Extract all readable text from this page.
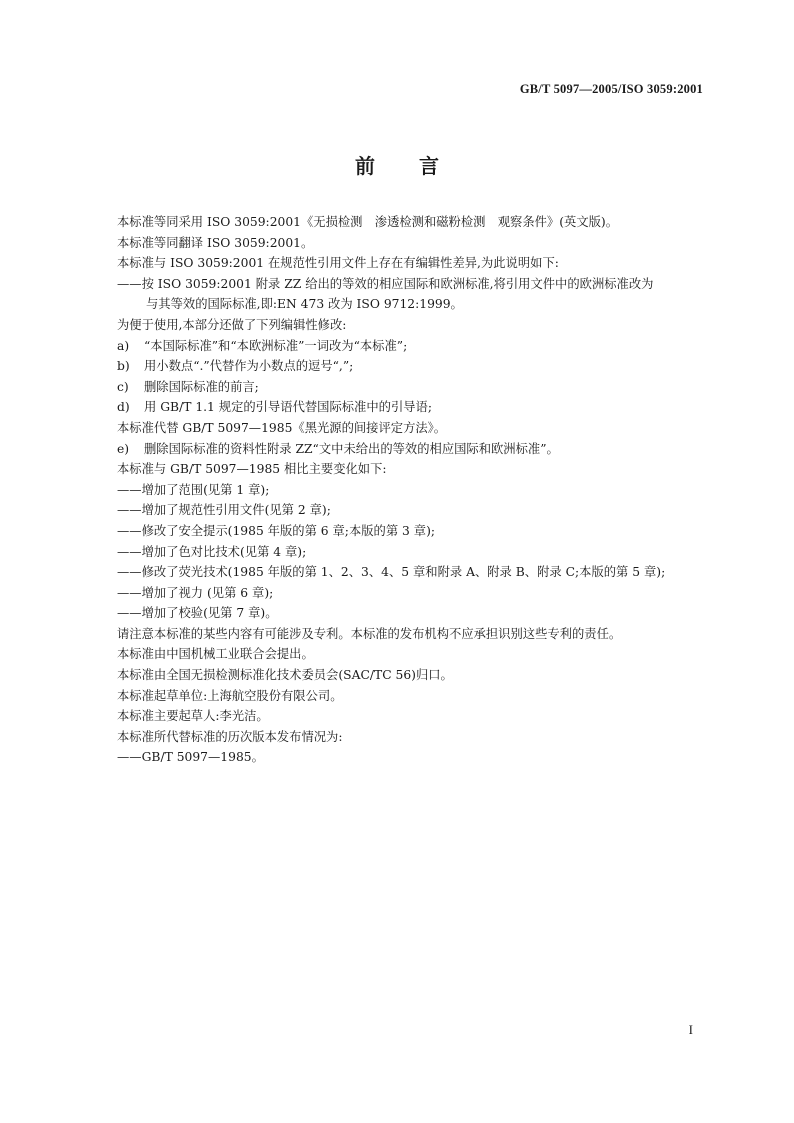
GB/T 5097—2005/ISO 3059:2001
前 言
本标准等同采用 ISO 3059:2001《无损检测　渗透检测和磁粉检测　观察条件》(英文版)。
本标准等同翻译 ISO 3059:2001。
本标准与 ISO 3059:2001 在规范性引用文件上存在有编辑性差异,为此说明如下:
——按 ISO 3059:2001 附录 ZZ 给出的等效的相应国际和欧洲标准,将引用文件中的欧洲标准改为
与其等效的国际标准,即:EN 473 改为 ISO 9712:1999。
为便于使用,本部分还做了下列编辑性修改:
a) “本国际标准”和“本欧洲标准”一词改为“本标准”;
b) 用小数点“.”代替作为小数点的逗号“,”;
c) 删除国际标准的前言;
d) 用 GB/T 1.1 规定的引导语代替国际标准中的引导语;
本标准代替 GB/T 5097—1985《黑光源的间接评定方法》。
e) 删除国际标准的资料性附录 ZZ“文中未给出的等效的相应国际和欧洲标准”。
本标准与 GB/T 5097—1985 相比主要变化如下:
——增加了范围(见第 1 章);
——增加了规范性引用文件(见第 2 章);
——修改了安全提示(1985 年版的第 6 章;本版的第 3 章);
——增加了色对比技术(见第 4 章);
——修改了荧光技术(1985 年版的第 1、2、3、4、5 章和附录 A、附录 B、附录 C;本版的第 5 章);
——增加了视力 (见第 6 章);
——增加了校验(见第 7 章)。
请注意本标准的某些内容有可能涉及专利。本标准的发布机构不应承担识别这些专利的责任。
本标准由中国机械工业联合会提出。
本标准由全国无损检测标准化技术委员会(SAC/TC 56)归口。
本标准起草单位:上海航空股份有限公司。
本标准主要起草人:李光洁。
本标准所代替标准的历次版本发布情况为:
——GB/T 5097—1985。
I
